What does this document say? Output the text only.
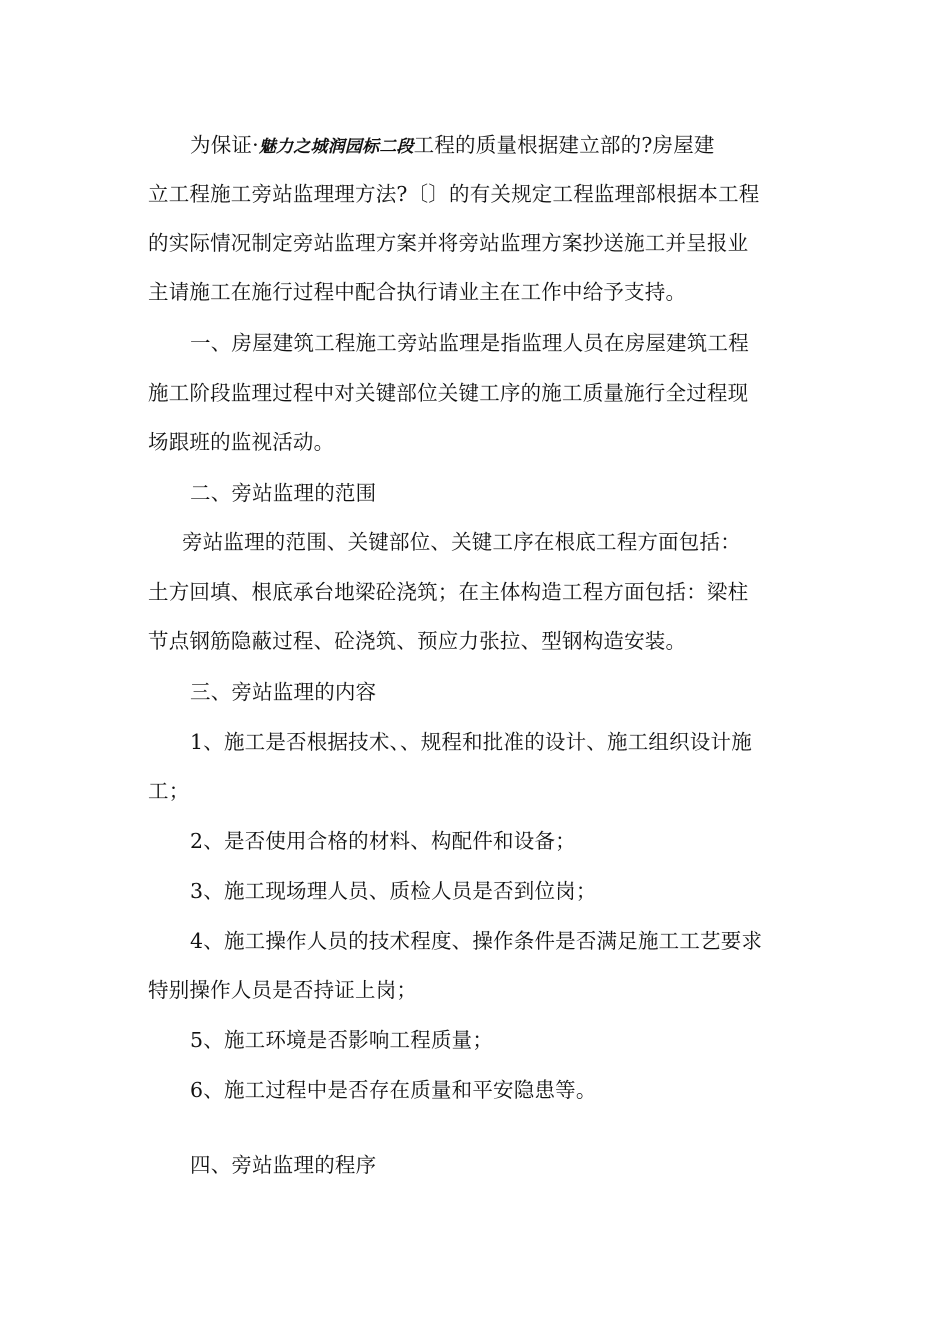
为保证·魅力之城润园标二段工程的质量根据建立部的?房屋建
立工程施工旁站监理理方法?〔〕的有关规定工程监理部根据本工程
的实际情况制定旁站监理方案并将旁站监理方案抄送施工并呈报业
主请施工在施行过程中配合执行请业主在工作中给予支持。
一、房屋建筑工程施工旁站监理是指监理人员在房屋建筑工程
施工阶段监理过程中对关键部位关键工序的施工质量施行全过程现
场跟班的监视活动。
二、旁站监理的范围
旁站监理的范围、关键部位、关键工序在根底工程方面包括：
土方回填、根底承台地梁砼浇筑；在主体构造工程方面包括：梁柱
节点钢筋隐蔽过程、砼浇筑、预应力张拉、型钢构造安装。
三、旁站监理的内容
1、施工是否根据技术、、规程和批准的设计、施工组织设计施
工；
2、是否使用合格的材料、构配件和设备；
3、施工现场理人员、质检人员是否到位岗；
4、施工操作人员的技术程度、操作条件是否满足施工工艺要求
特别操作人员是否持证上岗；
5、施工环境是否影响工程质量；
6、施工过程中是否存在质量和平安隐患等。
四、旁站监理的程序
